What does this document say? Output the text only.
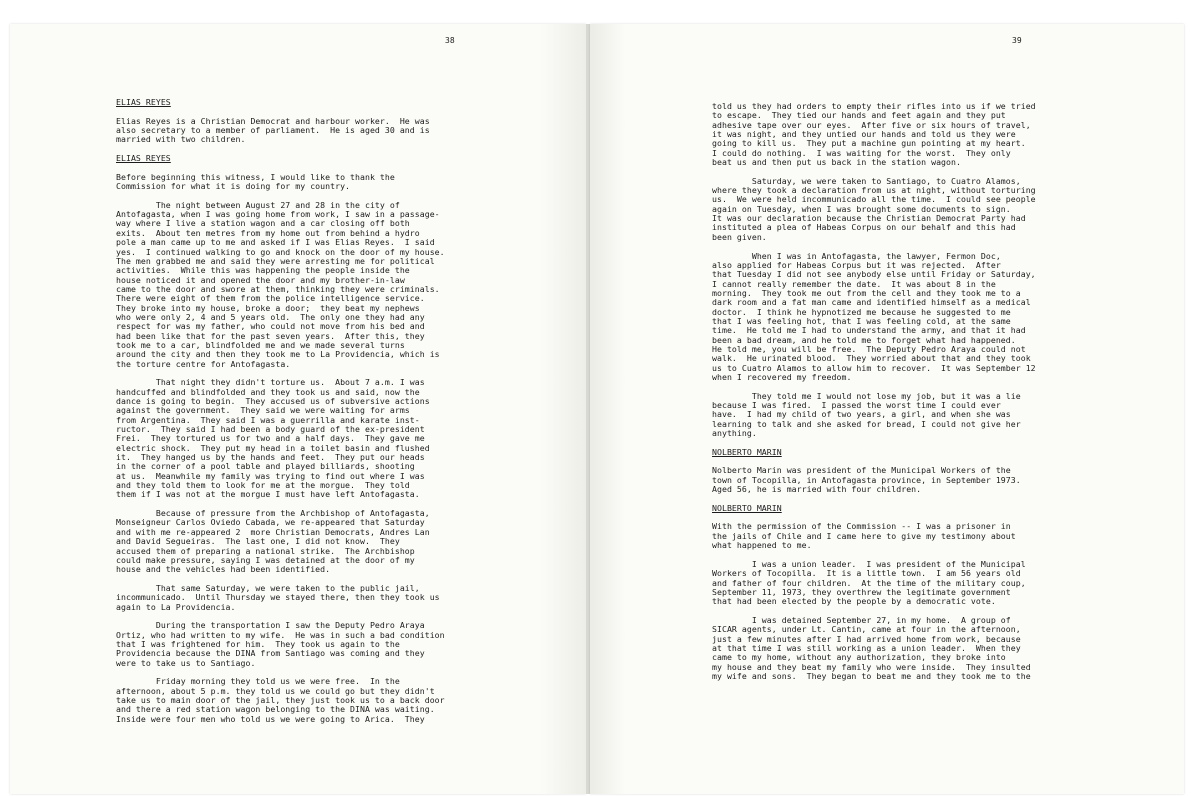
38

ELIAS REYES

Elias Reyes is a Christian Democrat and harbour worker.  He was
also secretary to a member of parliament.  He is aged 30 and is
married with two children.

ELIAS REYES

Before beginning this witness, I would like to thank the
Commission for what it is doing for my country.

The night between August 27 and 28 in the city of
Antofagasta, when I was going home from work, I saw in a passage-
way where I live a station wagon and a car closing off both
exits.  About ten metres from my home out from behind a hydro
pole a man came up to me and asked if I was Elias Reyes.  I said
yes.  I continued walking to go and knock on the door of my house.
The men grabbed me and said they were arresting me for political
activities.  While this was happening the people inside the
house noticed it and opened the door and my brother-in-law
came to the door and swore at them, thinking they were criminals.
There were eight of them from the police intelligence service.
They broke into my house, broke a door;  they beat my nephews
who were only 2, 4 and 5 years old.  The only one they had any
respect for was my father, who could not move from his bed and
had been like that for the past seven years.  After this, they
took me to a car, blindfolded me and we made several turns
around the city and then they took me to La Providencia, which is
the torture centre for Antofagasta.

That night they didn't torture us.  About 7 a.m. I was
handcuffed and blindfolded and they took us and said, now the
dance is going to begin.  They accused us of subversive actions
against the government.  They said we were waiting for arms
from Argentina.  They said I was a guerrilla and karate inst-
ructor.  They said I had been a body guard of the ex-president
Frei.  They tortured us for two and a half days.  They gave me
electric shock.  They put my head in a toilet basin and flushed
it.  They hanged us by the hands and feet.  They put our heads
in the corner of a pool table and played billiards, shooting
at us.  Meanwhile my family was trying to find out where I was
and they told them to look for me at the morgue.  They told
them if I was not at the morgue I must have left Antofagasta.

Because of pressure from the Archbishop of Antofagasta,
Monseigneur Carlos Oviedo Cabada, we re-appeared that Saturday
and with me re-appeared 2  more Christian Democrats, Andres Lan
and David Segueiras.  The last one, I did not know.  They
accused them of preparing a national strike.  The Archbishop
could make pressure, saying I was detained at the door of my
house and the vehicles had been identified.

That same Saturday, we were taken to the public jail,
incommunicado.  Until Thursday we stayed there, then they took us
again to La Providencia.

During the transportation I saw the Deputy Pedro Araya
Ortiz, who had written to my wife.  He was in such a bad condition
that I was frightened for him.  They took us again to the
Providencia because the DINA from Santiago was coming and they
were to take us to Santiago.

Friday morning they told us we were free.  In the
afternoon, about 5 p.m. they told us we could go but they didn't
take us to main door of the jail, they just took us to a back door
and there a red station wagon belonging to the DINA was waiting.
Inside were four men who told us we were going to Arica.  They

39

told us they had orders to empty their rifles into us if we tried
to escape.  They tied our hands and feet again and they put
adhesive tape over our eyes.  After five or six hours of travel,
it was night, and they untied our hands and told us they were
going to kill us.  They put a machine gun pointing at my heart.
I could do nothing.  I was waiting for the worst.  They only
beat us and then put us back in the station wagon.

Saturday, we were taken to Santiago, to Cuatro Alamos,
where they took a declaration from us at night, without torturing
us.  We were held incommunicado all the time.  I could see people
again on Tuesday, when I was brought some documents to sign.
It was our declaration because the Christian Democrat Party had
instituted a plea of Habeas Corpus on our behalf and this had
been given.

When I was in Antofagasta, the lawyer, Fermon Doc,
also applied for Habeas Corpus but it was rejected.  After
that Tuesday I did not see anybody else until Friday or Saturday,
I cannot really remember the date.  It was about 8 in the
morning.  They took me out from the cell and they took me to a
dark room and a fat man came and identified himself as a medical
doctor.  I think he hypnotized me because he suggested to me
that I was feeling hot, that I was feeling cold, at the same
time.  He told me I had to understand the army, and that it had
been a bad dream, and he told me to forget what had happened.
He told me, you will be free.  The Deputy Pedro Araya could not
walk.  He urinated blood.  They worried about that and they took
us to Cuatro Alamos to allow him to recover.  It was September 12
when I recovered my freedom.

They told me I would not lose my job, but it was a lie
because I was fired.  I passed the worst time I could ever
have.  I had my child of two years, a girl, and when she was
learning to talk and she asked for bread, I could not give her
anything.

NOLBERTO MARIN

Nolberto Marin was president of the Municipal Workers of the
town of Tocopilla, in Antofagasta province, in September 1973.
Aged 56, he is married with four children.

NOLBERTO MARIN

With the permission of the Commission -- I was a prisoner in
the jails of Chile and I came here to give my testimony about
what happened to me.

I was a union leader.  I was president of the Municipal
Workers of Tocopilla.  It is a little town.  I am 56 years old
and father of four children.  At the time of the military coup,
September 11, 1973, they overthrew the legitimate government
that had been elected by the people by a democratic vote.

I was detained September 27, in my home.  A group of
SICAR agents, under Lt. Cantin, came at four in the afternoon,
just a few minutes after I had arrived home from work, because
at that time I was still working as a union leader.  When they
came to my home, without any authorization, they broke into
my house and they beat my family who were inside.  They insulted
my wife and sons.  They began to beat me and they took me to the
